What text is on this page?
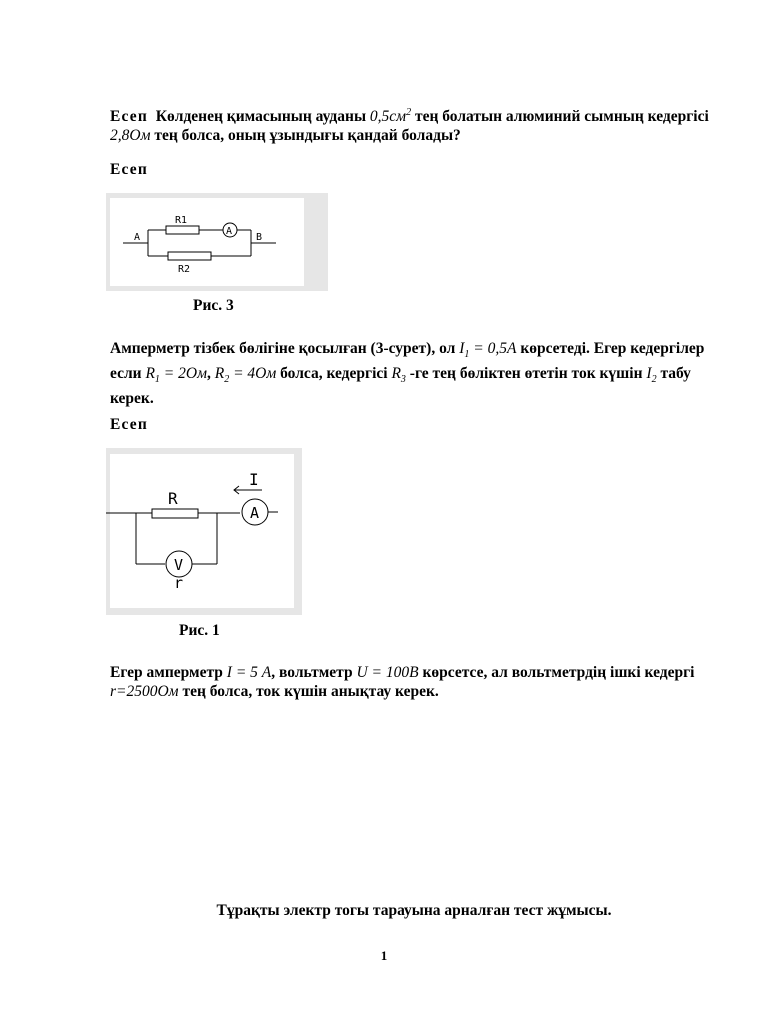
Есеп Көлденең қимасының ауданы $0,5см^2$ тең болатын алюминий сымның кедергісі 2,8Ом тең болса, оның ұзындығы қандай болады?

Есеп

R1
R2
A
A	B
Рис. 3

Амперметр тізбек бөлігіне қосылған (3-сурет), ол $I_1 = 0,5А$ көрсетеді. Егер кедергілер если $R_1 = 2Ом$, $R_2 = 4Ом$ болса, кедергісі $R_3$ -ге тең бөліктен өтетін ток күшін $I_2$ табу керек.

Есеп

R
I
A
V
r
Рис. 1

Егер амперметр I = 5 А, вольтметр U = 100В көрсетсе, ал вольтметрдің ішкі кедергі r=2500Ом тең болса, ток күшін анықтау керек.

Тұрақты электр тогы тарауына арналған тест жұмысы.
1
